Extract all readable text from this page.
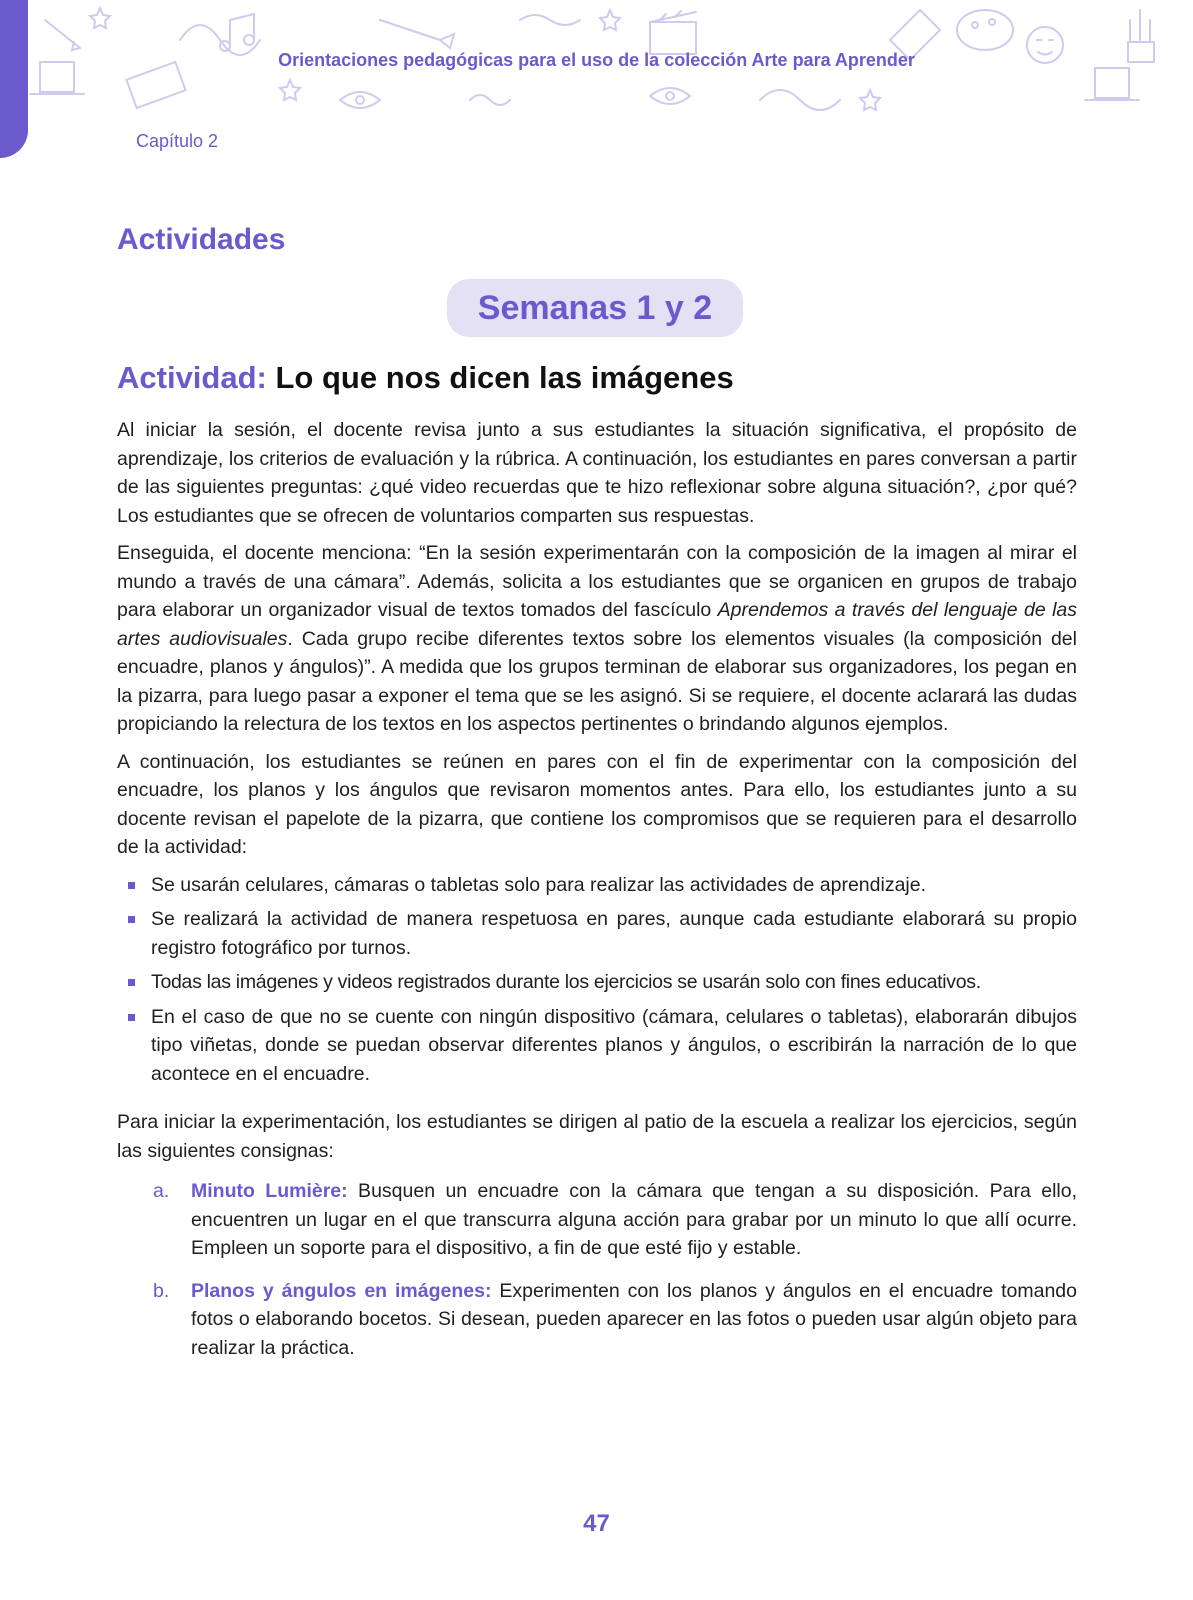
Orientaciones pedagógicas para el uso de la colección Arte para Aprender
Capítulo 2
Actividades
Semanas 1 y 2
Actividad: Lo que nos dicen las imágenes

Al iniciar la sesión, el docente revisa junto a sus estudiantes la situación significativa, el propósito de aprendizaje, los criterios de evaluación y la rúbrica. A continuación, los estudiantes en pares conversan a partir de las siguientes preguntas: ¿qué video recuerdas que te hizo reflexionar sobre alguna situación?, ¿por qué? Los estudiantes que se ofrecen de voluntarios comparten sus respuestas.

Enseguida, el docente menciona: “En la sesión experimentarán con la composición de la imagen al mirar el mundo a través de una cámara”. Además, solicita a los estudiantes que se organicen en grupos de trabajo para elaborar un organizador visual de textos tomados del fascículo Aprendemos a través del lenguaje de las artes audiovisuales. Cada grupo recibe diferentes textos sobre los elementos visuales (la composición del encuadre, planos y ángulos)”. A medida que los grupos terminan de elaborar sus organizadores, los pegan en la pizarra, para luego pasar a exponer el tema que se les asignó. Si se requiere, el docente aclarará las dudas propiciando la relectura de los textos en los aspectos pertinentes o brindando algunos ejemplos.

A continuación, los estudiantes se reúnen en pares con el fin de experimentar con la composición del encuadre, los planos y los ángulos que revisaron momentos antes. Para ello, los estudiantes junto a su docente revisan el papelote de la pizarra, que contiene los compromisos que se requieren para el desarrollo de la actividad:

Se usarán celulares, cámaras o tabletas solo para realizar las actividades de aprendizaje.
Se realizará la actividad de manera respetuosa en pares, aunque cada estudiante elaborará su propio registro fotográfico por turnos.
Todas las imágenes y videos registrados durante los ejercicios se usarán solo con fines educativos.
En el caso de que no se cuente con ningún dispositivo (cámara, celulares o tabletas), elaborarán dibujos tipo viñetas, donde se puedan observar diferentes planos y ángulos, o escribirán la narración de lo que acontece en el encuadre.

Para iniciar la experimentación, los estudiantes se dirigen al patio de la escuela a realizar los ejercicios, según las siguientes consignas:

a. Minuto Lumière: Busquen un encuadre con la cámara que tengan a su disposición. Para ello, encuentren un lugar en el que transcurra alguna acción para grabar por un minuto lo que allí ocurre. Empleen un soporte para el dispositivo, a fin de que esté fijo y estable.
b. Planos y ángulos en imágenes: Experimenten con los planos y ángulos en el encuadre tomando fotos o elaborando bocetos. Si desean, pueden aparecer en las fotos o pueden usar algún objeto para realizar la práctica.
47
